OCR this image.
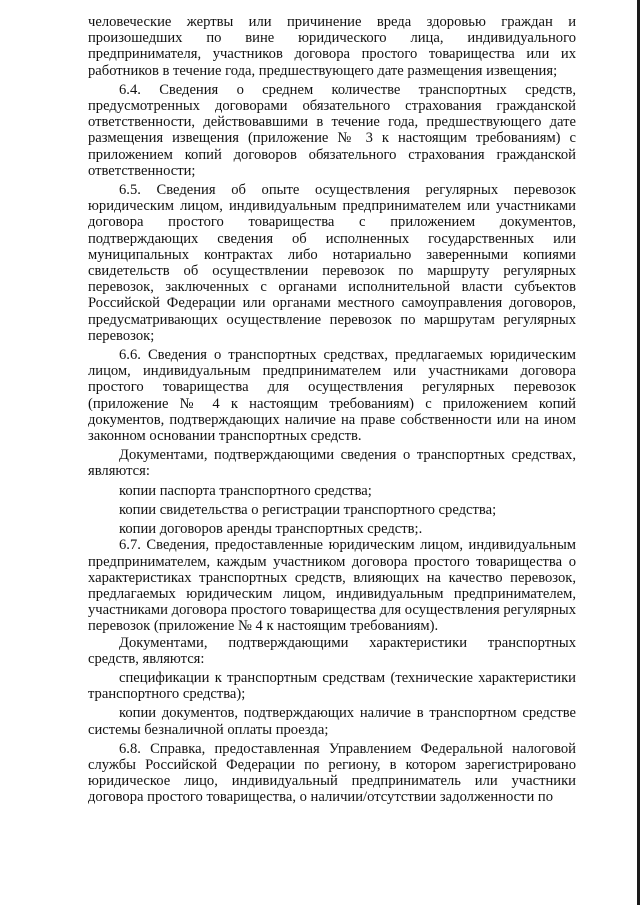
человеческие жертвы или причинение вреда здоровью граждан и произошедших по вине юридического лица, индивидуального предпринимателя, участников договора простого товарищества или их работников в течение года, предшествующего дате размещения извещения;

6.4. Сведения о среднем количестве транспортных средств, предусмотренных договорами обязательного страхования гражданской ответственности, действовавшими в течение года, предшествующего дате размещения извещения (приложение № 3 к настоящим требованиям) с приложением копий договоров обязательного страхования гражданской ответственности;

6.5. Сведения об опыте осуществления регулярных перевозок юридическим лицом, индивидуальным предпринимателем или участниками договора простого товарищества с приложением документов, подтверждающих сведения об исполненных государственных или муниципальных контрактах либо нотариально заверенными копиями свидетельств об осуществлении перевозок по маршруту регулярных перевозок, заключенных с органами исполнительной власти субъектов Российской Федерации или органами местного самоуправления договоров, предусматривающих осуществление перевозок по маршрутам регулярных перевозок;

6.6. Сведения о транспортных средствах, предлагаемых юридическим лицом, индивидуальным предпринимателем или участниками договора простого товарищества для осуществления регулярных перевозок (приложение № 4 к настоящим требованиям) с приложением копий документов, подтверждающих наличие на праве собственности или на ином законном основании транспортных средств.

Документами, подтверждающими сведения о транспортных средствах, являются:

копии паспорта транспортного средства;

копии свидетельства о регистрации транспортного средства;

копии договоров аренды транспортных средств;.

6.7. Сведения, предоставленные юридическим лицом, индивидуальным предпринимателем, каждым участником договора простого товарищества о характеристиках транспортных средств, влияющих на качество перевозок, предлагаемых юридическим лицом, индивидуальным предпринимателем, участниками договора простого товарищества для осуществления регулярных перевозок (приложение № 4 к настоящим требованиям).

Документами, подтверждающими характеристики транспортных средств, являются:

спецификации к транспортным средствам (технические характеристики транспортного средства);

копии документов, подтверждающих наличие в транспортном средстве системы безналичной оплаты проезда;

6.8. Справка, предоставленная Управлением Федеральной налоговой службы Российской Федерации по региону, в котором зарегистрировано юридическое лицо, индивидуальный предприниматель или участники договора простого товарищества, о наличии/отсутствии задолженности по
